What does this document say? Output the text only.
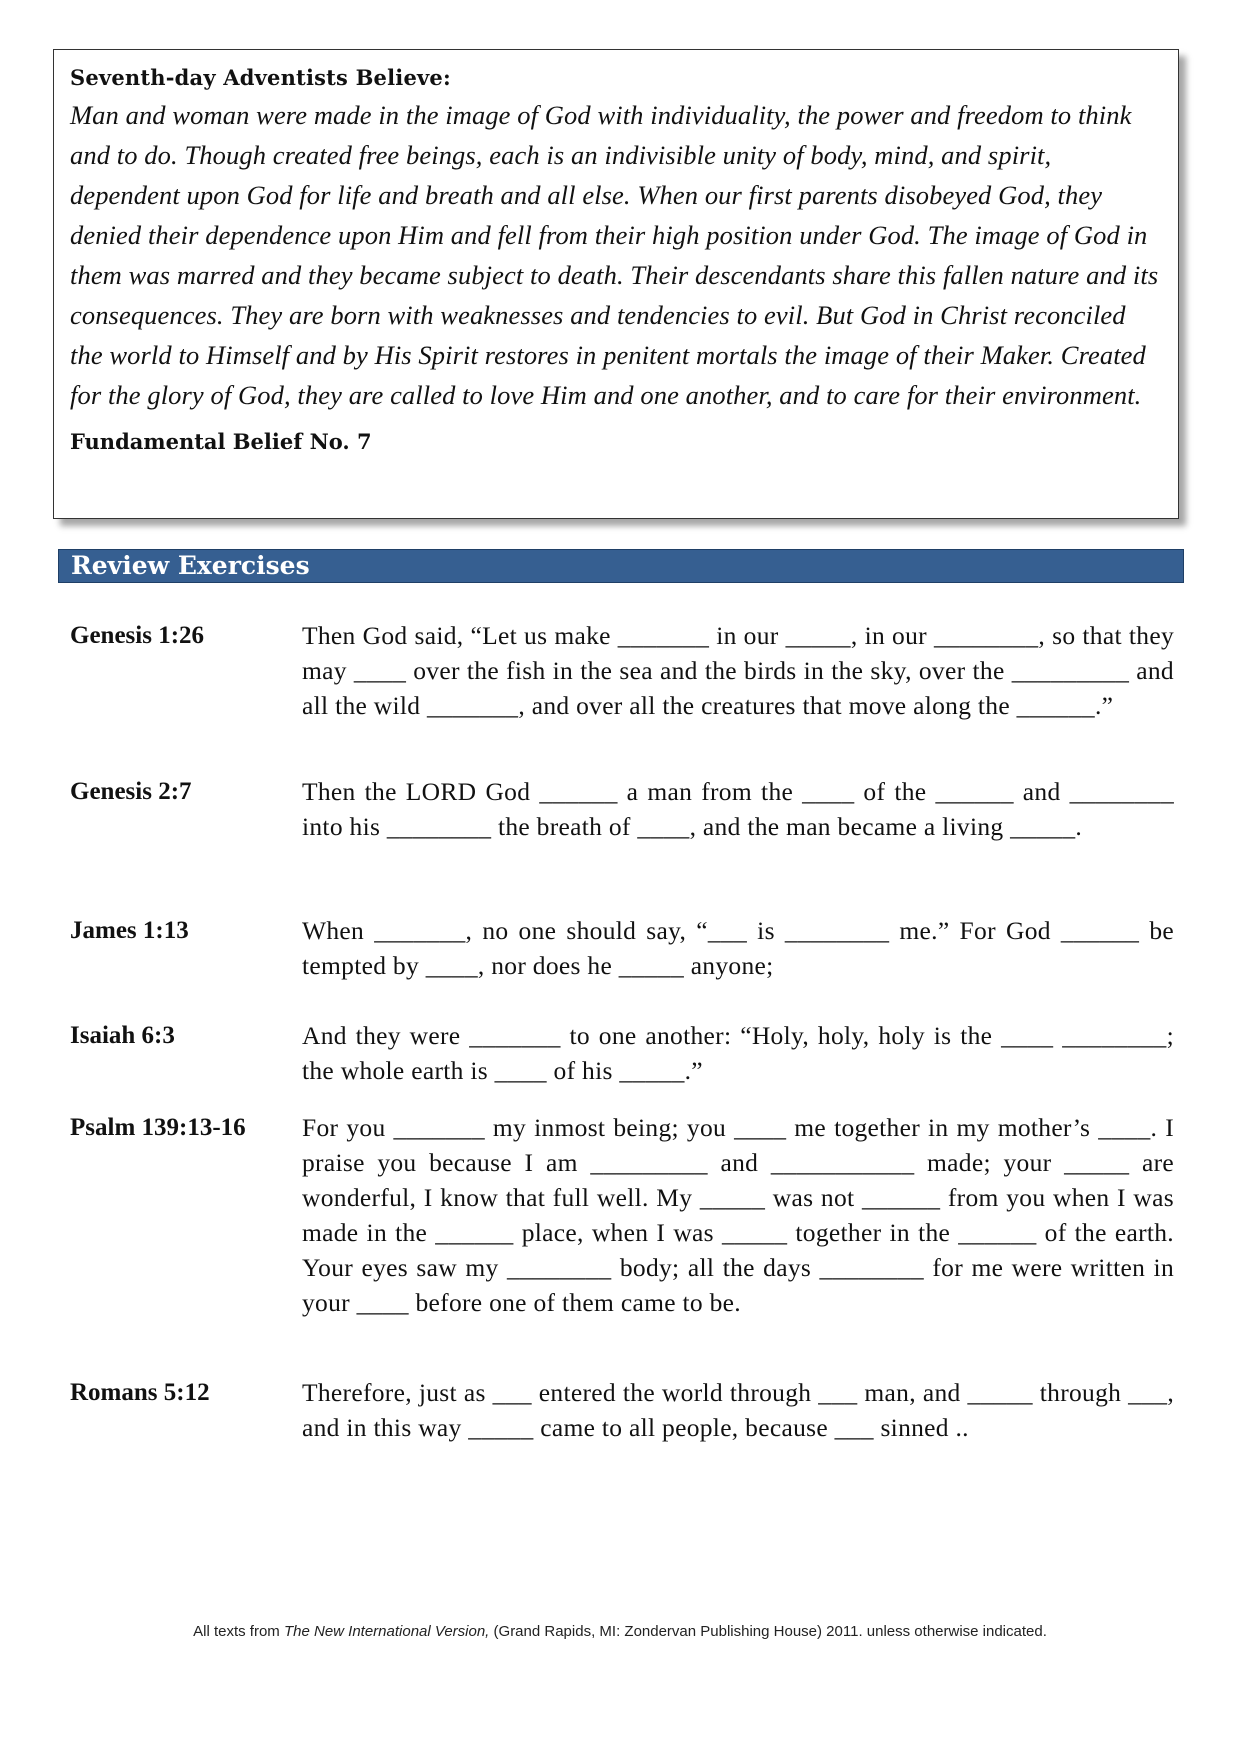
Seventh-day Adventists Believe:

Man and woman were made in the image of God with individuality, the power and freedom to think and to do. Though created free beings, each is an indivisible unity of body, mind, and spirit, dependent upon God for life and breath and all else. When our first parents disobeyed God, they denied their dependence upon Him and fell from their high position under God. The image of God in them was marred and they became subject to death. Their descendants share this fallen nature and its consequences. They are born with weaknesses and tendencies to evil. But God in Christ reconciled the world to Himself and by His Spirit restores in penitent mortals the image of their Maker. Created for the glory of God, they are called to love Him and one another, and to care for their environment.

Fundamental Belief No. 7
Review Exercises
Genesis 1:26	Then God said, “Let us make _______ in our _____, in our ________, so that they may ____ over the fish in the sea and the birds in the sky, over the _________ and all the wild _______, and over all the creatures that move along the ______.”
Genesis 2:7	Then the LORD God ______ a man from the ____ of the ______ and ________ into his ________ the breath of ____, and the man became a living _____.
James 1:13	When _______, no one should say, “___ is ________ me.” For God ______ be tempted by ____, nor does he _____ anyone;
Isaiah 6:3	And they were _______ to one another: “Holy, holy, holy is the ____ ________; the whole earth is ____ of his _____.”
Psalm 139:13-16	For you _______ my inmost being; you ____ me together in my mother’s ____. I praise you because I am _________ and ___________ made; your _____ are wonderful, I know that full well. My _____ was not ______ from you when I was made in the ______ place, when I was _____ together in the ______ of the earth. Your eyes saw my ________ body; all the days ________ for me were written in your ____ before one of them came to be.
Romans 5:12	Therefore, just as ___ entered the world through ___ man, and _____ through ___, and in this way _____ came to all people, because ___ sinned ..
All texts from The New International Version, (Grand Rapids, MI: Zondervan Publishing House) 2011. unless otherwise indicated.
